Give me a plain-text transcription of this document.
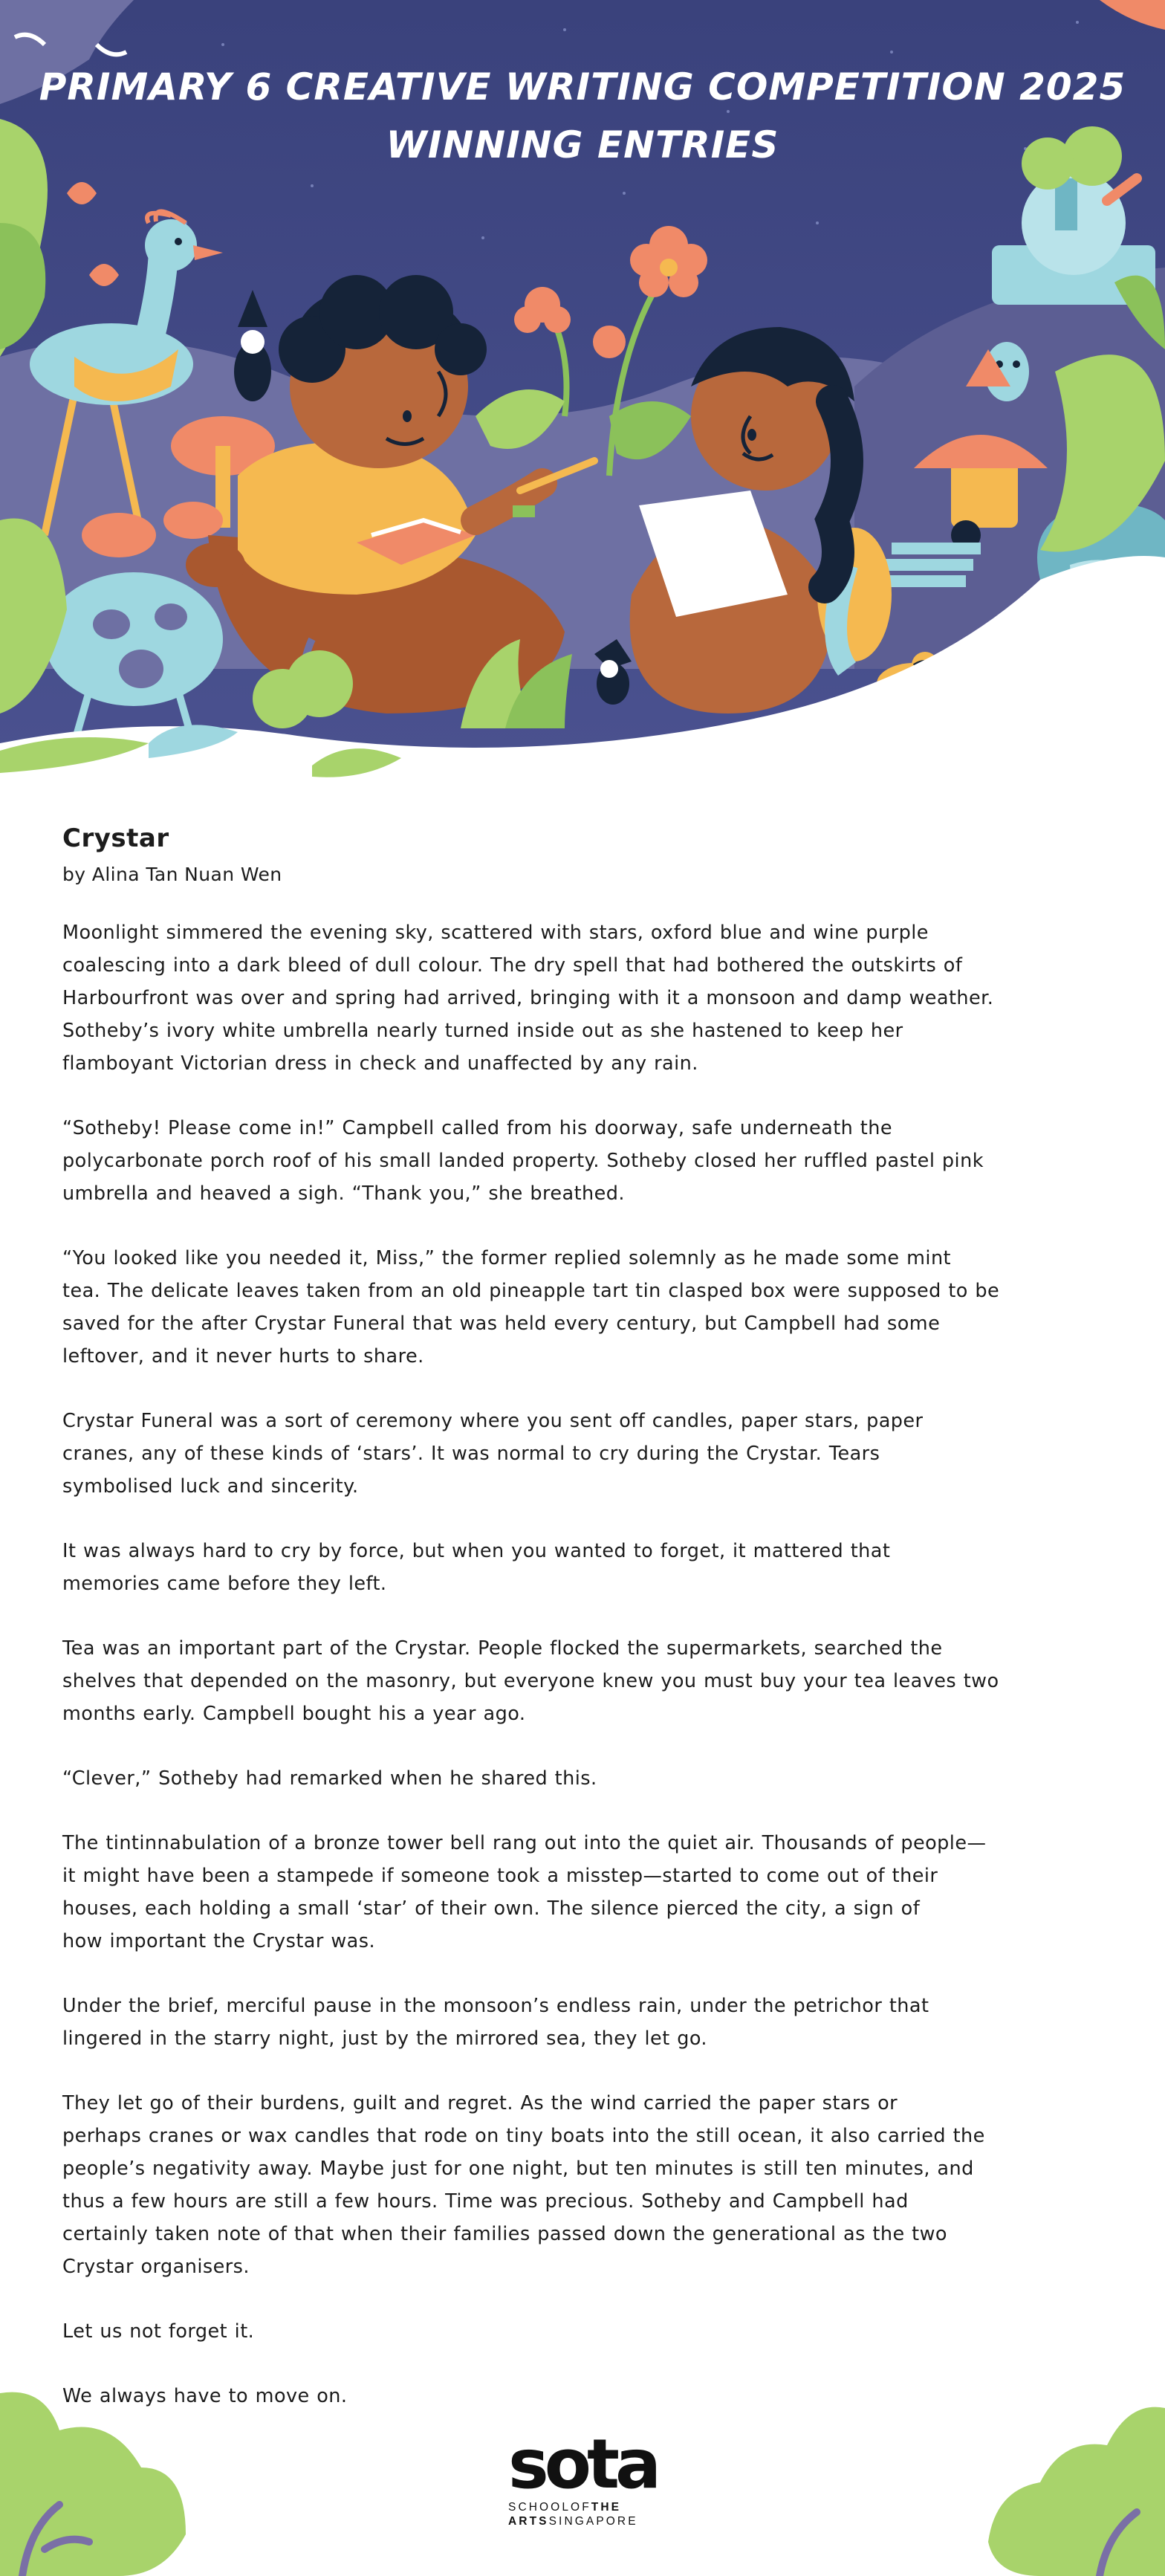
PRIMARY 6 CREATIVE WRITING COMPETITION 2025
WINNING ENTRIES
Crystar
by Alina Tan Nuan Wen

Moonlight simmered the evening sky, scattered with stars, oxford blue and wine purple
coalescing into a dark bleed of dull colour. The dry spell that had bothered the outskirts of
Harbourfront was over and spring had arrived, bringing with it a monsoon and damp weather.
Sotheby’s ivory white umbrella nearly turned inside out as she hastened to keep her
flamboyant Victorian dress in check and unaffected by any rain.

“Sotheby! Please come in!” Campbell called from his doorway, safe underneath the
polycarbonate porch roof of his small landed property. Sotheby closed her ruffled pastel pink
umbrella and heaved a sigh. “Thank you,” she breathed.

“You looked like you needed it, Miss,” the former replied solemnly as he made some mint
tea. The delicate leaves taken from an old pineapple tart tin clasped box were supposed to be
saved for the after Crystar Funeral that was held every century, but Campbell had some
leftover, and it never hurts to share.

Crystar Funeral was a sort of ceremony where you sent off candles, paper stars, paper
cranes, any of these kinds of ‘stars’. It was normal to cry during the Crystar. Tears
symbolised luck and sincerity.

It was always hard to cry by force, but when you wanted to forget, it mattered that
memories came before they left.

Tea was an important part of the Crystar. People flocked the supermarkets, searched the
shelves that depended on the masonry, but everyone knew you must buy your tea leaves two
months early. Campbell bought his a year ago.

“Clever,” Sotheby had remarked when he shared this.

The tintinnabulation of a bronze tower bell rang out into the quiet air. Thousands of people—
it might have been a stampede if someone took a misstep—started to come out of their
houses, each holding a small ‘star’ of their own. The silence pierced the city, a sign of
how important the Crystar was.

Under the brief, merciful pause in the monsoon’s endless rain, under the petrichor that
lingered in the starry night, just by the mirrored sea, they let go.

They let go of their burdens, guilt and regret. As the wind carried the paper stars or
perhaps cranes or wax candles that rode on tiny boats into the still ocean, it also carried the
people’s negativity away. Maybe just for one night, but ten minutes is still ten minutes, and
thus a few hours are still a few hours. Time was precious. Sotheby and Campbell had
certainly taken note of that when their families passed down the generational as the two
Crystar organisers.

Let us not forget it.

We always have to move on.

sota
SCHOOLOFTHE
ARTSSINGAPORE
